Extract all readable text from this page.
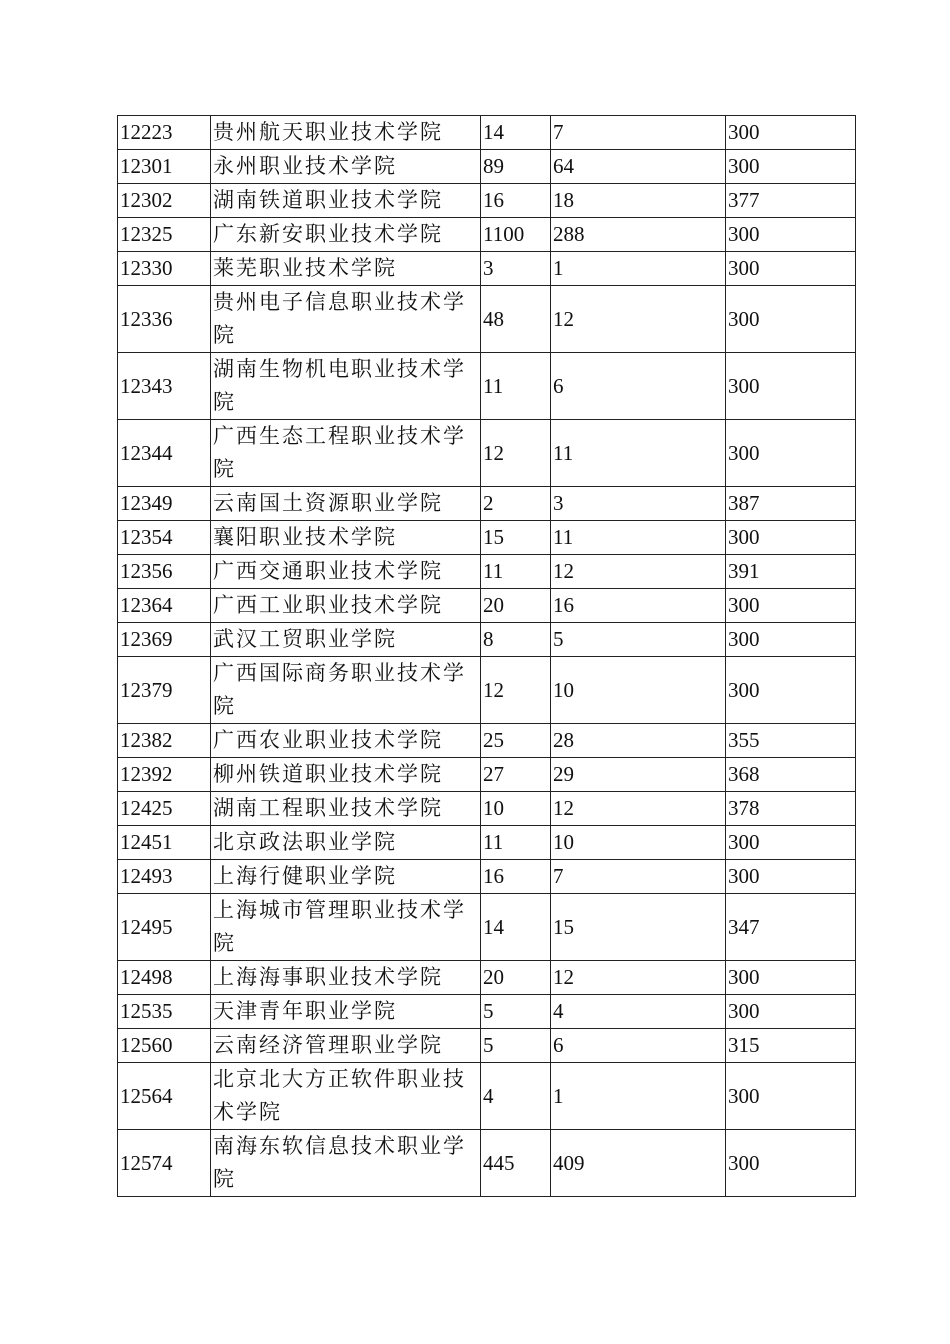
12223	贵州航天职业技术学院	14	7	300
12301	永州职业技术学院	89	64	300
12302	湖南铁道职业技术学院	16	18	377
12325	广东新安职业技术学院	1100	288	300
12330	莱芜职业技术学院	3	1	300
12336	贵州电子信息职业技术学院	48	12	300
12343	湖南生物机电职业技术学院	11	6	300
12344	广西生态工程职业技术学院	12	11	300
12349	云南国土资源职业学院	2	3	387
12354	襄阳职业技术学院	15	11	300
12356	广西交通职业技术学院	11	12	391
12364	广西工业职业技术学院	20	16	300
12369	武汉工贸职业学院	8	5	300
12379	广西国际商务职业技术学院	12	10	300
12382	广西农业职业技术学院	25	28	355
12392	柳州铁道职业技术学院	27	29	368
12425	湖南工程职业技术学院	10	12	378
12451	北京政法职业学院	11	10	300
12493	上海行健职业学院	16	7	300
12495	上海城市管理职业技术学院	14	15	347
12498	上海海事职业技术学院	20	12	300
12535	天津青年职业学院	5	4	300
12560	云南经济管理职业学院	5	6	315
12564	北京北大方正软件职业技术学院	4	1	300
12574	南海东软信息技术职业学院	445	409	300
